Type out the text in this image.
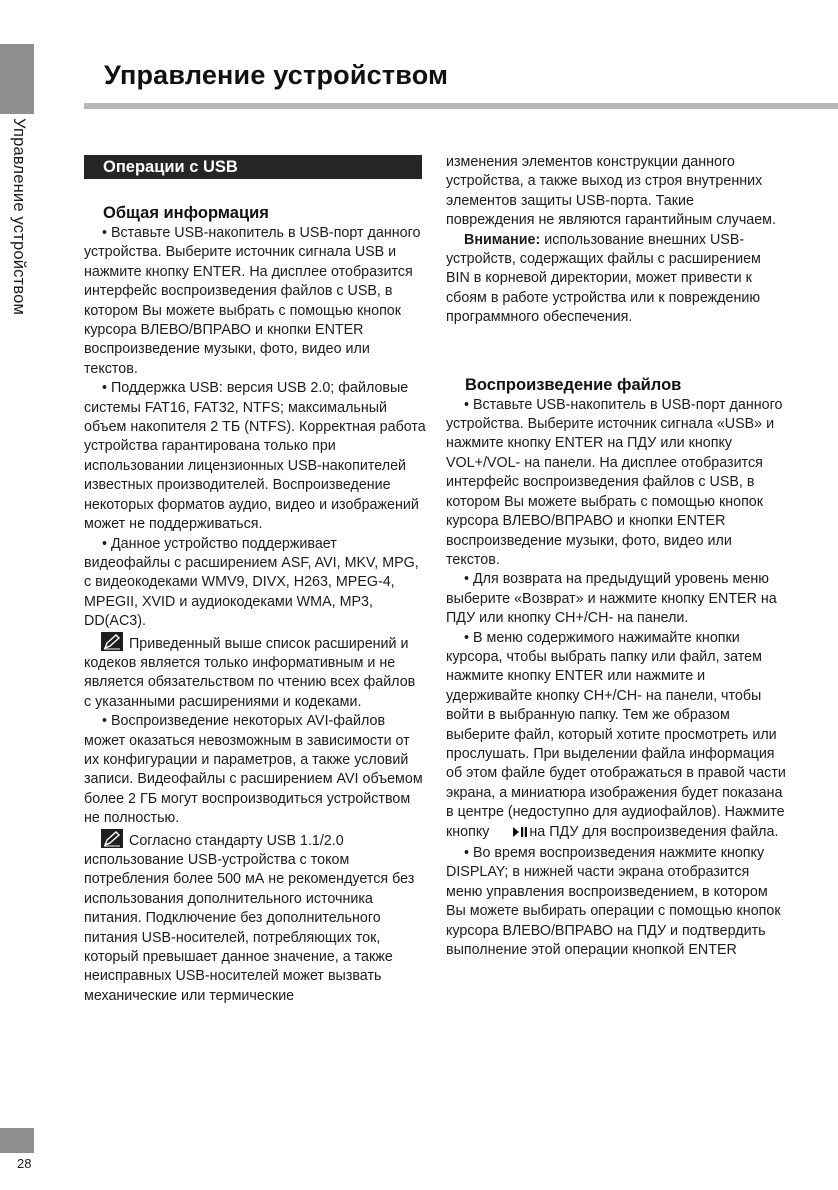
Управление устройством
Управление устройством
Операции с USB
Общая информация

• Вставьте USB-накопитель в USB-порт данного устройства. Выберите источник сигнала USB и нажмите кнопку ENTER. На дисплее отобразится интерфейс воспроизведения файлов с USB, в котором Вы можете выбрать с помощью кнопок курсора ВЛЕВО/ВПРАВО и кнопки ENTER воспроизведение музыки, фото, видео или текстов.

• Поддержка USB: версия USB 2.0; файловые системы FAT16, FAT32, NTFS; максимальный объем накопителя 2 ТБ (NTFS). Корректная работа устройства гарантирована только при использовании лицензионных USB-накопителей известных производителей. Воспроизведение некоторых форматов аудио, видео и изображений может не поддерживаться.

• Данное устройство поддерживает видеофайлы с расширением ASF, AVI, MKV, MPG, с видеокодеками WMV9, DIVX, H263, MPEG-4, MPEGII, XVID и аудиокодеками WMA, MP3, DD(AC3).

Приведенный выше список расширений и кодеков является только информативным и не является обязательством по чтению всех файлов с указанными расширениями и кодеками.

• Воспроизведение некоторых AVI-файлов может оказаться невозможным в зависимости от их конфигурации и параметров, а также условий записи. Видеофайлы с расширением AVI объемом более 2 ГБ могут воспроизводиться устройством не полностью.

Согласно стандарту USB 1.1/2.0 использование USB-устройства с током потребления более 500 мА не рекомендуется без использования дополнительного источника питания. Подключение без дополнительного питания USB-носителей, потребляющих ток, который превышает данное значение, а также неисправных USB-носителей может вызвать механические или термические

изменения элементов конструкции данного устройства, а также выход из строя внутренних элементов защиты USB-порта. Такие повреждения не являются гарантийным случаем.

Внимание: использование внешних USB-устройств, содержащих файлы с расширением BIN в корневой директории, может привести к сбоям в работе устройства или к повреждению программного обеспечения.

Воспроизведение файлов

• Вставьте USB-накопитель в USB-порт данного устройства. Выберите источник сигнала «USB» и нажмите кнопку ENTER на ПДУ или кнопку VOL+/VOL- на панели. На дисплее отобразится интерфейс воспроизведения файлов с USB, в котором Вы можете выбрать с помощью кнопок курсора ВЛЕВО/ВПРАВО и кнопки ENTER воспроизведение музыки, фото, видео или текстов.

• Для возврата на предыдущий уровень меню выберите «Возврат» и нажмите кнопку ENTER на ПДУ или кнопку CH+/CH- на панели.

• В меню содержимого нажимайте кнопки курсора, чтобы выбрать папку или файл, затем нажмите кнопку ENTER или нажмите и удерживайте кнопку CH+/CH- на панели, чтобы войти в выбранную папку. Тем же образом выберите файл, который хотите просмотреть или прослушать. При выделении файла информация об этом файле будет отображаться в правой части экрана, а миниатюра изображения будет показана в центре (недоступно для аудиофайлов). Нажмите кнопку	на ПДУ для воспроизведения файла.

• Во время воспроизведения нажмите кнопку DISPLAY; в нижней части экрана отобразится меню управления воспроизведением, в котором Вы можете выбирать операции с помощью кнопок курсора ВЛЕВО/ВПРАВО на ПДУ и подтвердить выполнение этой операции кнопкой ENTER

28
